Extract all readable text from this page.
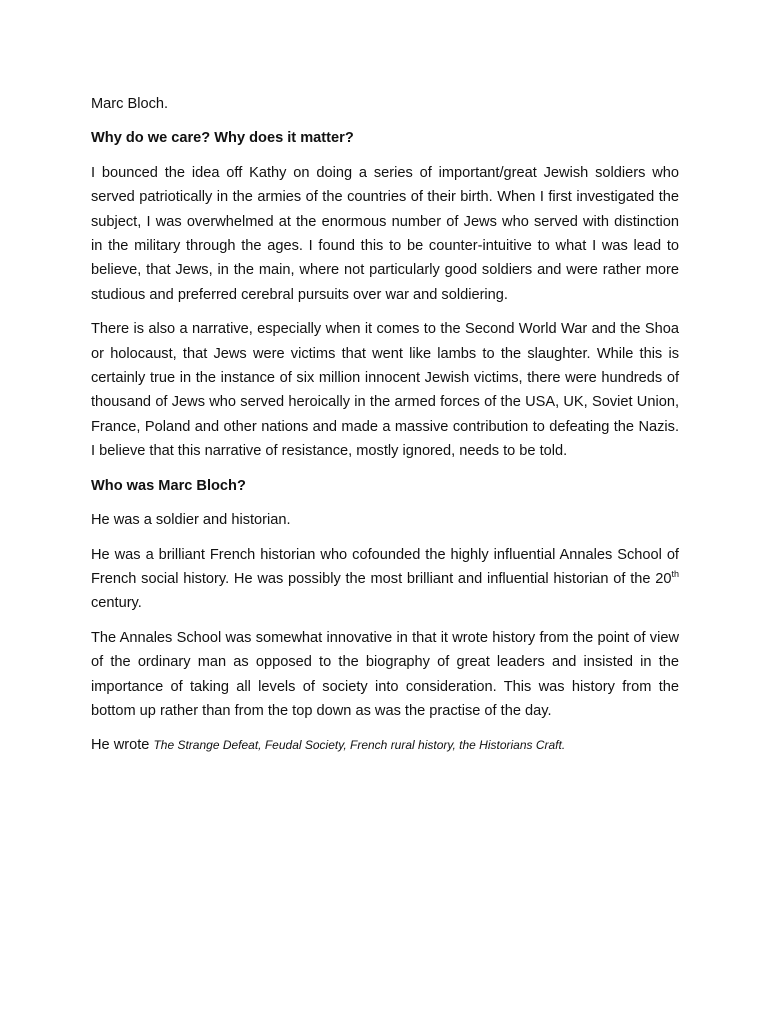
Marc Bloch.

Why do we care? Why does it matter?

I bounced the idea off Kathy on doing a series of important/great Jewish soldiers who served patriotically in the armies of the countries of their birth. When I first investigated the subject, I was overwhelmed at the enormous number of Jews who served with distinction in the military through the ages. I found this to be counter-intuitive to what I was lead to believe, that Jews, in the main, where not particularly good soldiers and were rather more studious and preferred cerebral pursuits over war and soldiering.

There is also a narrative, especially when it comes to the Second World War and the Shoa or holocaust, that Jews were victims that went like lambs to the slaughter. While this is certainly true in the instance of six million innocent Jewish victims, there were hundreds of thousand of Jews who served heroically in the armed forces of the USA, UK, Soviet Union, France, Poland and other nations and made a massive contribution to defeating the Nazis. I believe that this narrative of resistance, mostly ignored, needs to be told.

Who was Marc Bloch?

He was a soldier and historian.

He was a brilliant French historian who cofounded the highly influential Annales School of French social history. He was possibly the most brilliant and influential historian of the 20th century.

The Annales School was somewhat innovative in that it wrote history from the point of view of the ordinary man as opposed to the biography of great leaders and insisted in the importance of taking all levels of society into consideration. This was history from the bottom up rather than from the top down as was the practise of the day.

He wrote The Strange Defeat, Feudal Society, French rural history, the Historians Craft.
